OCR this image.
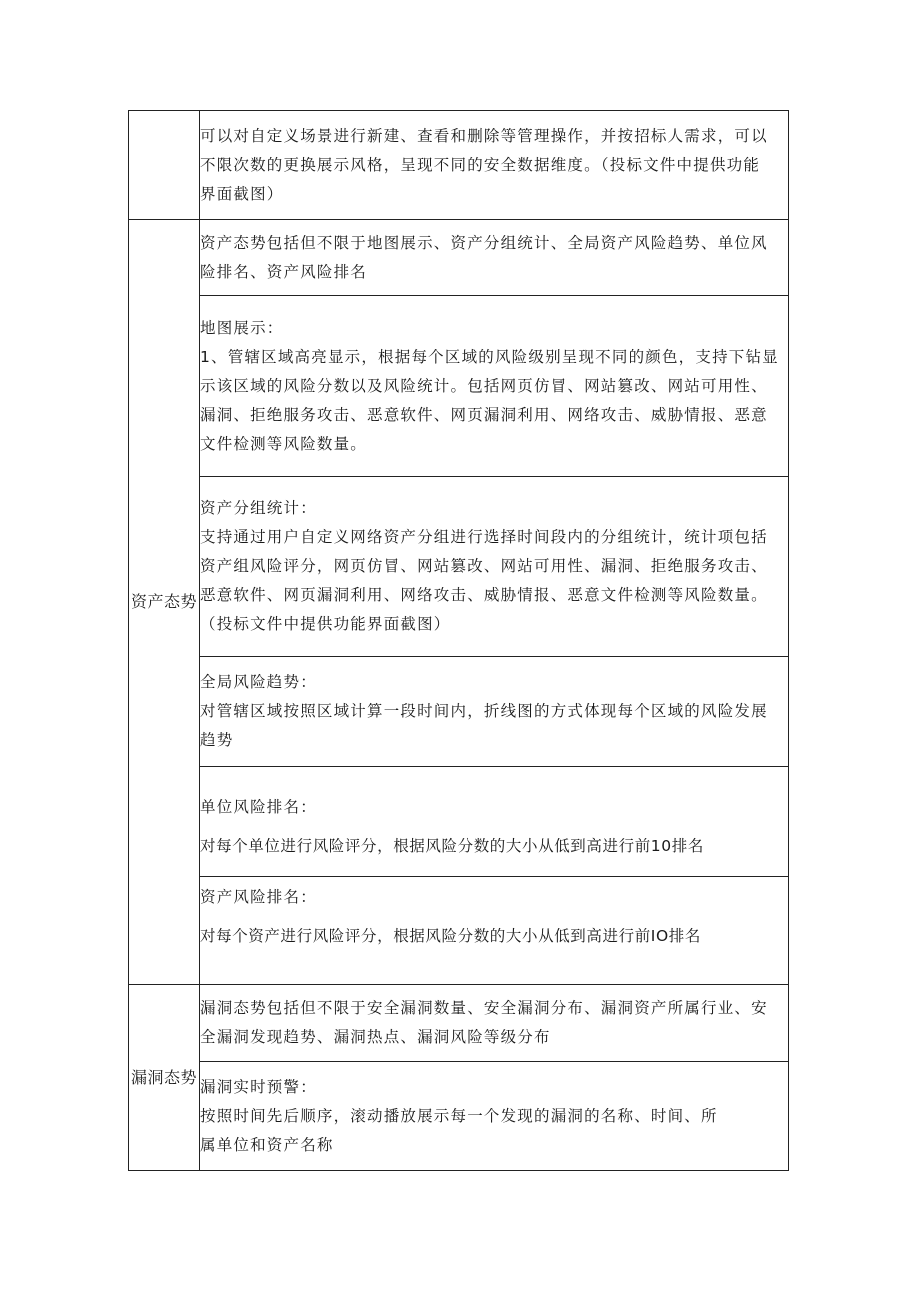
	可以对自定义场景进行新建、查看和删除等管理操作，并按招标人需求，可以
不限次数的更换展示风格，呈现不同的安全数据维度。（投标文件中提供功能
界面截图）

资产态势	资产态势包括但不限于地图展示、资产分组统计、全局资产风险趋势、单位风
险排名、资产风险排名

	地图展示：
1、管辖区域高亮显示，根据每个区域的风险级别呈现不同的颜色，支持下钻显
示该区域的风险分数以及风险统计。包括网页仿冒、网站篡改、网站可用性、
漏洞、拒绝服务攻击、恶意软件、网页漏洞利用、网络攻击、威胁情报、恶意
文件检测等风险数量。

	资产分组统计：
支持通过用户自定义网络资产分组进行选择时间段内的分组统计，统计项包括
资产组风险评分，网页仿冒、网站篡改、网站可用性、漏洞、拒绝服务攻击、
恶意软件、网页漏洞利用、网络攻击、威胁情报、恶意文件检测等风险数量。
（投标文件中提供功能界面截图）

	全局风险趋势：
对管辖区域按照区域计算一段时间内，折线图的方式体现每个区域的风险发展
趋势

	单位风险排名：
对每个单位进行风险评分，根据风险分数的大小从低到高进行前10排名

	资产风险排名：
对每个资产进行风险评分，根据风险分数的大小从低到高进行前IO排名

漏洞态势	漏洞态势包括但不限于安全漏洞数量、安全漏洞分布、漏洞资产所属行业、安
全漏洞发现趋势、漏洞热点、漏洞风险等级分布

	漏洞实时预警：
按照时间先后顺序，滚动播放展示每一个发现的漏洞的名称、时间、所
属单位和资产名称
